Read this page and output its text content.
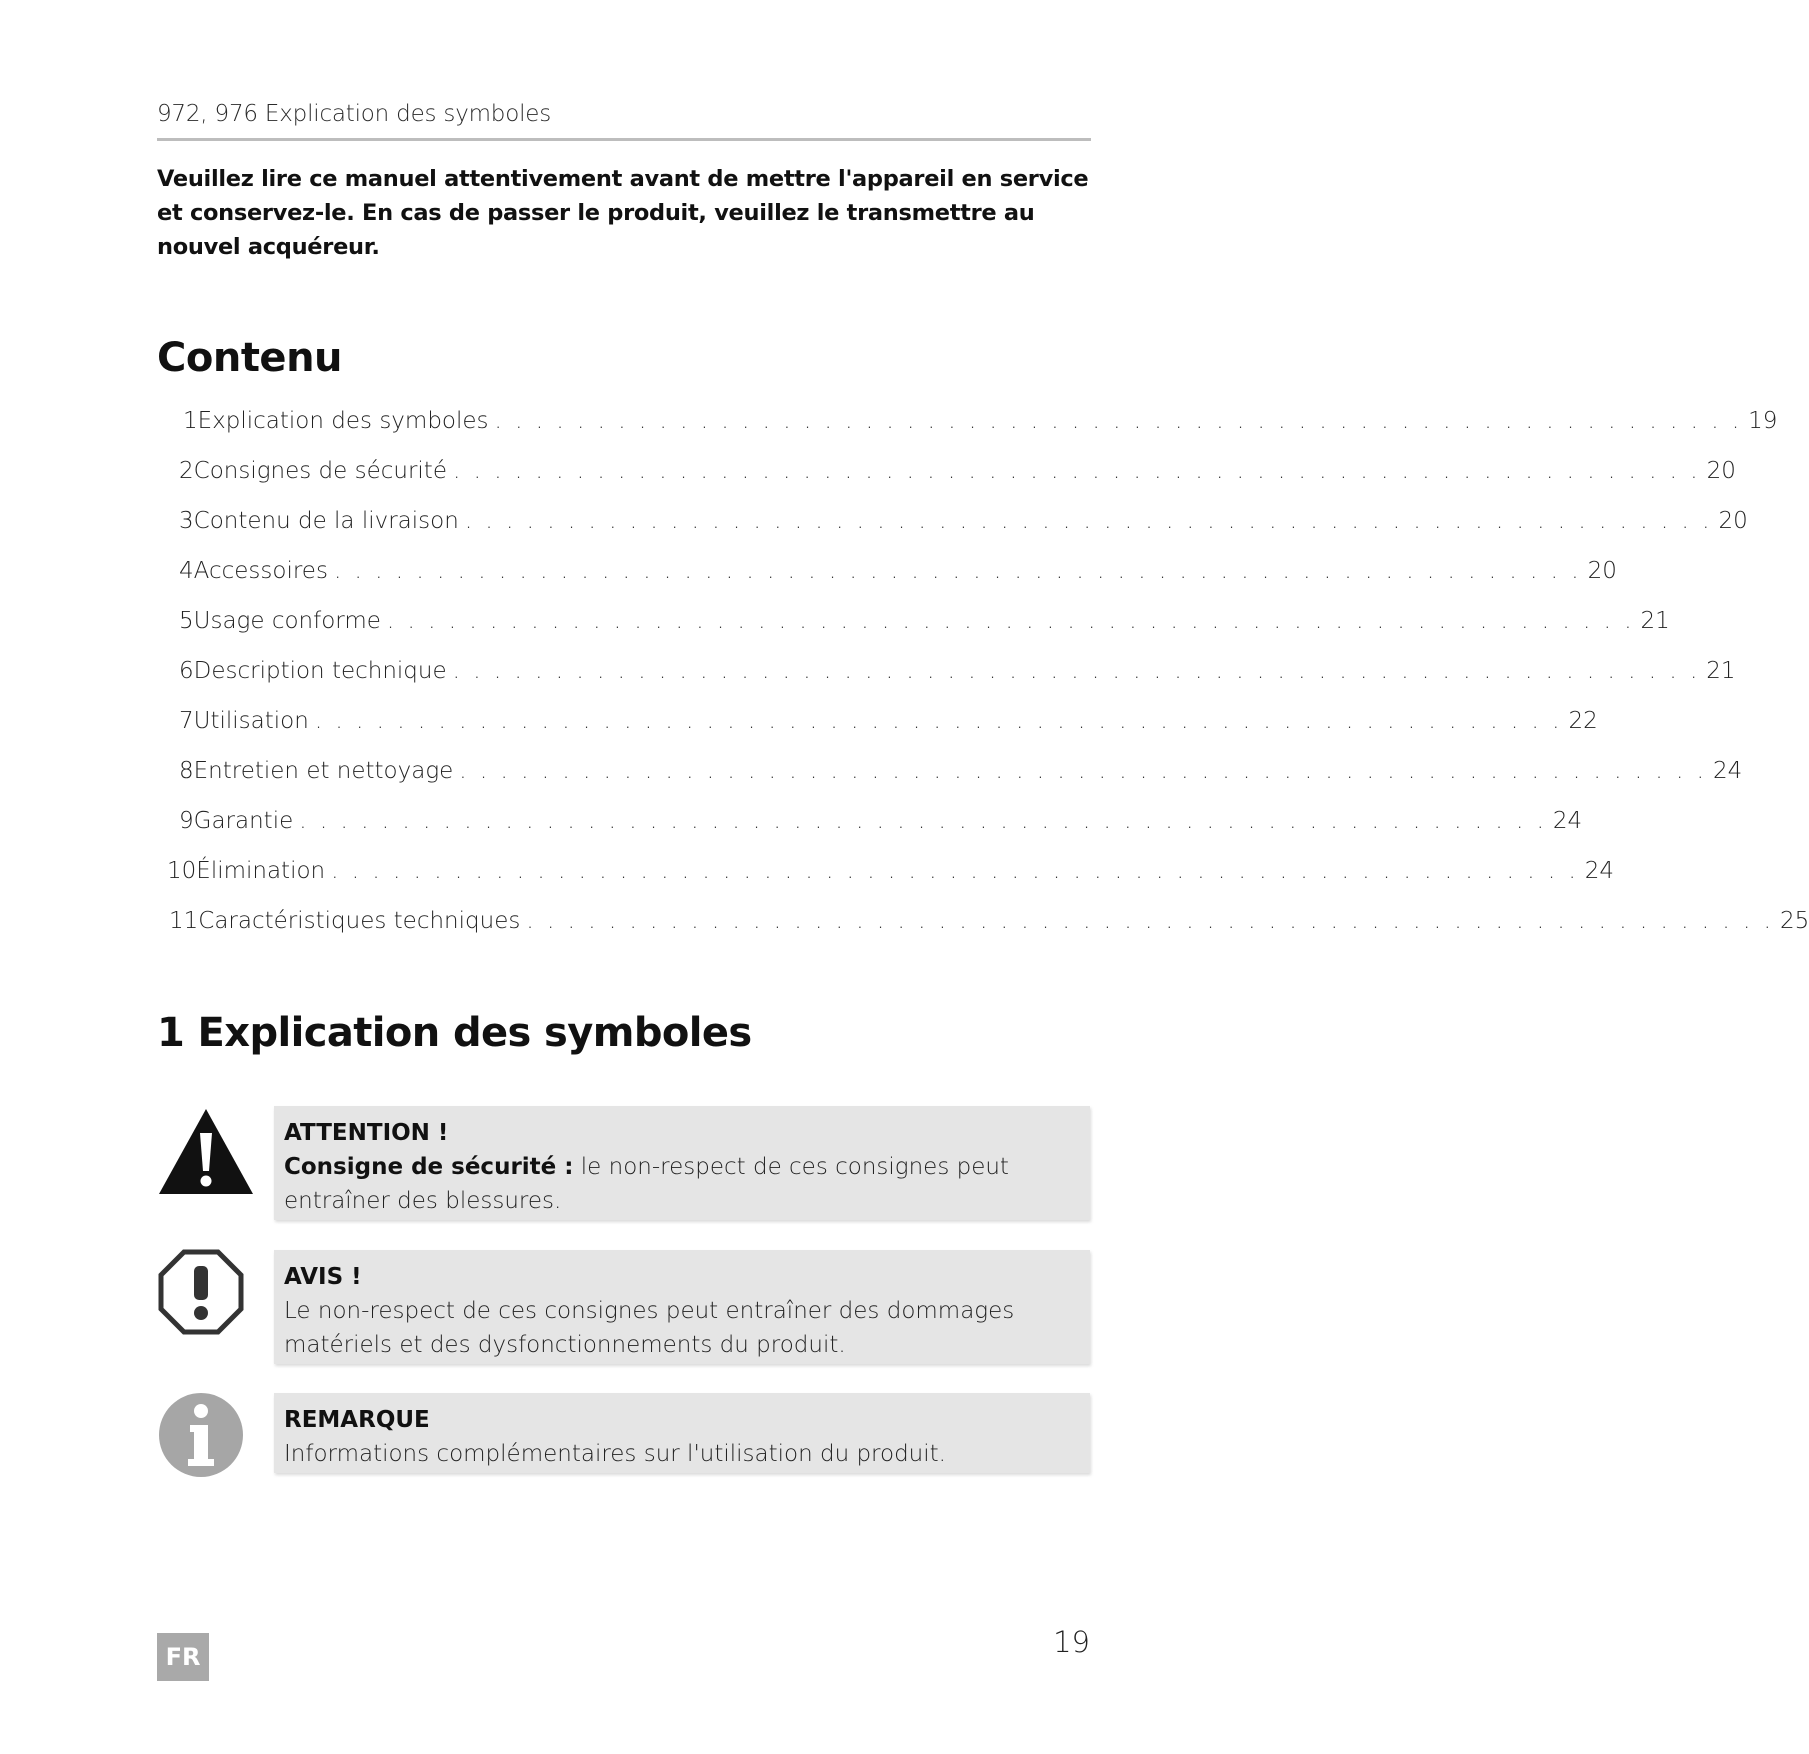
972, 976 Explication des symboles
Veuillez lire ce manuel attentivement avant de mettre l'appareil en service et conservez-le. En cas de passer le produit, veuillez le transmettre au nouvel acquéreur.
Contenu
1 Explication des symboles . . . . . . . . . . . . . . . . . . . . . . . . . . . . . . . . . . . . . . . . . . . . . . . . . . . . . . . . . . . . . 19
2 Consignes de sécurité . . . . . . . . . . . . . . . . . . . . . . . . . . . . . . . . . . . . . . . . . . . . . . . . . . . . . . . . . . . . . 20
3 Contenu de la livraison . . . . . . . . . . . . . . . . . . . . . . . . . . . . . . . . . . . . . . . . . . . . . . . . . . . . . . . . . . . . . 20
4 Accessoires . . . . . . . . . . . . . . . . . . . . . . . . . . . . . . . . . . . . . . . . . . . . . . . . . . . . . . . . . . . . . 20
5 Usage conforme . . . . . . . . . . . . . . . . . . . . . . . . . . . . . . . . . . . . . . . . . . . . . . . . . . . . . . . . . . . . . 21
6 Description technique . . . . . . . . . . . . . . . . . . . . . . . . . . . . . . . . . . . . . . . . . . . . . . . . . . . . . . . . . . . . . 21
7 Utilisation . . . . . . . . . . . . . . . . . . . . . . . . . . . . . . . . . . . . . . . . . . . . . . . . . . . . . . . . . . . . . 22
8 Entretien et nettoyage . . . . . . . . . . . . . . . . . . . . . . . . . . . . . . . . . . . . . . . . . . . . . . . . . . . . . . . . . . . . . 24
9 Garantie . . . . . . . . . . . . . . . . . . . . . . . . . . . . . . . . . . . . . . . . . . . . . . . . . . . . . . . . . . . . . 24
10 Élimination . . . . . . . . . . . . . . . . . . . . . . . . . . . . . . . . . . . . . . . . . . . . . . . . . . . . . . . . . . . . . 24
11 Caractéristiques techniques . . . . . . . . . . . . . . . . . . . . . . . . . . . . . . . . . . . . . . . . . . . . . . . . . . . . . . . . . . . . . 25
1 Explication des symboles
ATTENTION !
Consigne de sécurité : le non-respect de ces consignes peut entraîner des blessures.
AVIS !
Le non-respect de ces consignes peut entraîner des dommages matériels et des dysfonctionnements du produit.
REMARQUE
Informations complémentaires sur l'utilisation du produit.
FR	19
